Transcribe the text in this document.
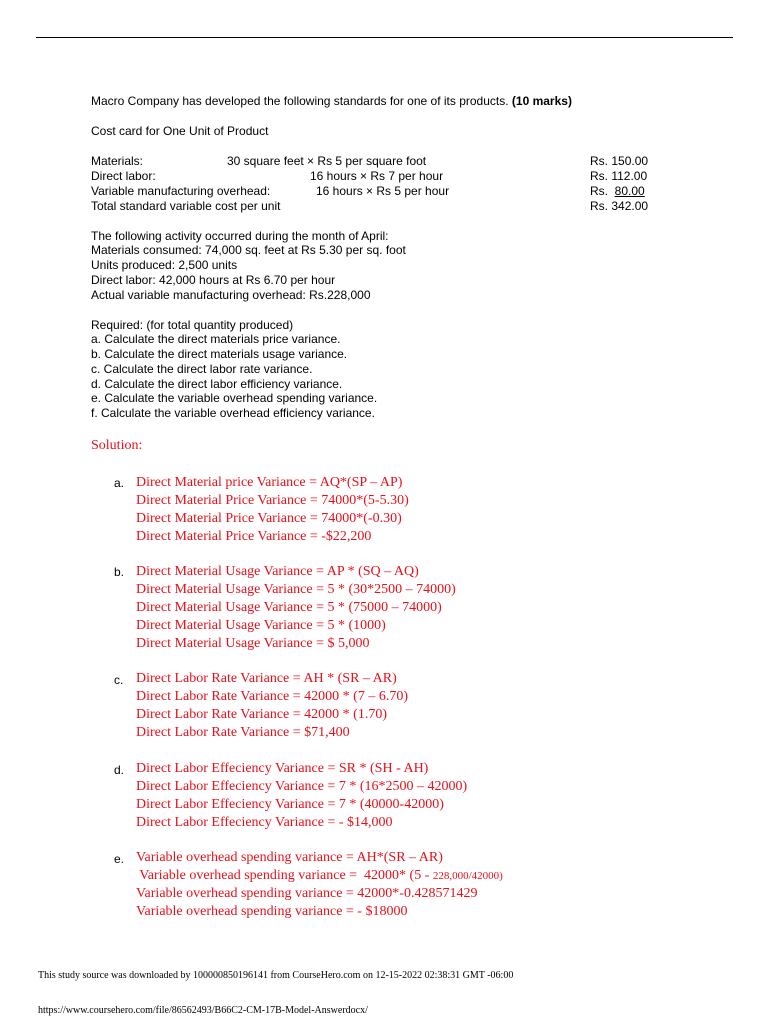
Macro Company has developed the following standards for one of its products. (10 marks)
Cost card for One Unit of Product
Materials:	30 square feet × Rs 5 per square foot	Rs. 150.00
Direct labor:	16 hours × Rs 7 per hour	Rs. 112.00
Variable manufacturing overhead:	16 hours × Rs 5 per hour	Rs.  80.00
Total standard variable cost per unit	Rs. 342.00
The following activity occurred during the month of April:
Materials consumed: 74,000 sq. feet at Rs 5.30 per sq. foot
Units produced: 2,500 units
Direct labor: 42,000 hours at Rs 6.70 per hour
Actual variable manufacturing overhead: Rs.228,000
Required: (for total quantity produced)
a. Calculate the direct materials price variance.
b. Calculate the direct materials usage variance.
c. Calculate the direct labor rate variance.
d. Calculate the direct labor efficiency variance.
e. Calculate the variable overhead spending variance.
f. Calculate the variable overhead efficiency variance.
Solution:
a. Direct Material price Variance = AQ*(SP – AP)
Direct Material Price Variance = 74000*(5-5.30)
Direct Material Price Variance = 74000*(-0.30)
Direct Material Price Variance = -$22,200
b. Direct Material Usage Variance = AP * (SQ – AQ)
Direct Material Usage Variance = 5 * (30*2500 – 74000)
Direct Material Usage Variance = 5 * (75000 – 74000)
Direct Material Usage Variance = 5 * (1000)
Direct Material Usage Variance = $ 5,000
c. Direct Labor Rate Variance = AH * (SR – AR)
Direct Labor Rate Variance = 42000 * (7 – 6.70)
Direct Labor Rate Variance = 42000 * (1.70)
Direct Labor Rate Variance = $71,400
d. Direct Labor Effeciency Variance = SR * (SH - AH)
Direct Labor Effeciency Variance = 7 * (16*2500 – 42000)
Direct Labor Effeciency Variance = 7 * (40000-42000)
Direct Labor Effeciency Variance = - $14,000
e. Variable overhead spending variance = AH*(SR – AR)
Variable overhead spending variance =  42000* (5 - 228,000/42000)
Variable overhead spending variance = 42000*-0.428571429
Variable overhead spending variance = - $18000
This study source was downloaded by 100000850196141 from CourseHero.com on 12-15-2022 02:38:31 GMT -06:00
https://www.coursehero.com/file/86562493/B66C2-CM-17B-Model-Answerdocx/
